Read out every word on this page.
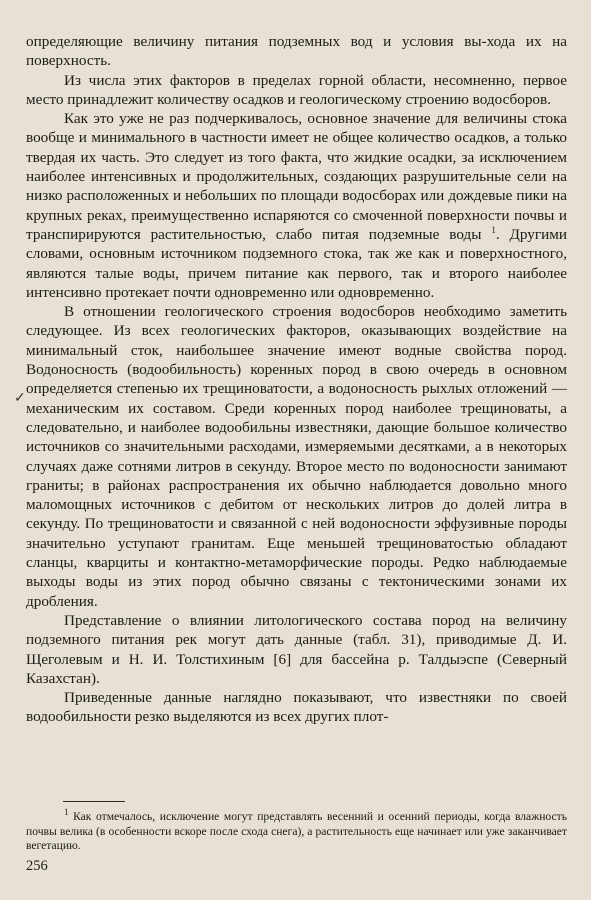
определяющие величину питания подземных вод и условия вы-хода их на поверхность.

Из числа этих факторов в пределах горной области, несомненно, первое место принадлежит количеству осадков и геологическому строению водосборов.

Как это уже не раз подчеркивалось, основное значение для величины стока вообще и минимального в частности имеет не общее количество осадков, а только твердая их часть. Это следует из того факта, что жидкие осадки, за исключением наиболее интенсивных и продолжительных, создающих разрушительные сели на низко расположенных и небольших по площади водосборах или дождевые пики на крупных реках, преимущественно испаряются со смоченной поверхности почвы и транспирируются растительностью, слабо питая подземные воды $^1$. Другими словами, основным источником подземного стока, так же как и поверхностного, являются талые воды, причем питание как первого, так и второго наиболее интенсивно протекает почти одновременно или одновременно.

В отношении геологического строения водосборов необходимо заметить следующее. Из всех геологических факторов, оказывающих воздействие на минимальный сток, наибольшее значение имеют водные свойства пород. Водоносность (водообильность) коренных пород в свою очередь в основном определяется степенью их трещиноватости, а водоносность рыхлых отложений — механическим их составом. Среди коренных пород наиболее трещиноваты, а следовательно, и наиболее водообильны известняки, дающие большое количество источников со значительными расходами, измеряемыми десятками, а в некоторых случаях даже сотнями литров в секунду. Второе место по водоносности занимают граниты; в районах распространения их обычно наблюдается довольно много маломощных источников с дебитом от нескольких литров до долей литра в секунду. По трещиноватости и связанной с ней водоносности эффузивные породы значительно уступают гранитам. Еще меньшей трещиноватостью обладают сланцы, кварциты и контактно-метаморфические породы. Редко наблюдаемые выходы воды из этих пород обычно связаны с тектоническими зонами их дробления.

Представление о влиянии литологического состава пород на величину подземного питания рек могут дать данные (табл. 31), приводимые Д. И. Щеголевым и Н. И. Толстихиным [6] для бассейна р. Талдыэспе (Северный Казахстан).

Приведенные данные наглядно показывают, что известняки по своей водообильности резко выделяются из всех других плот-

✓

$^1$ Как отмечалось, исключение могут представлять весенний и осенний периоды, когда влажность почвы велика (в особенности вскоре после схода снега), а растительность еще начинает или уже заканчивает вегетацию.

256
